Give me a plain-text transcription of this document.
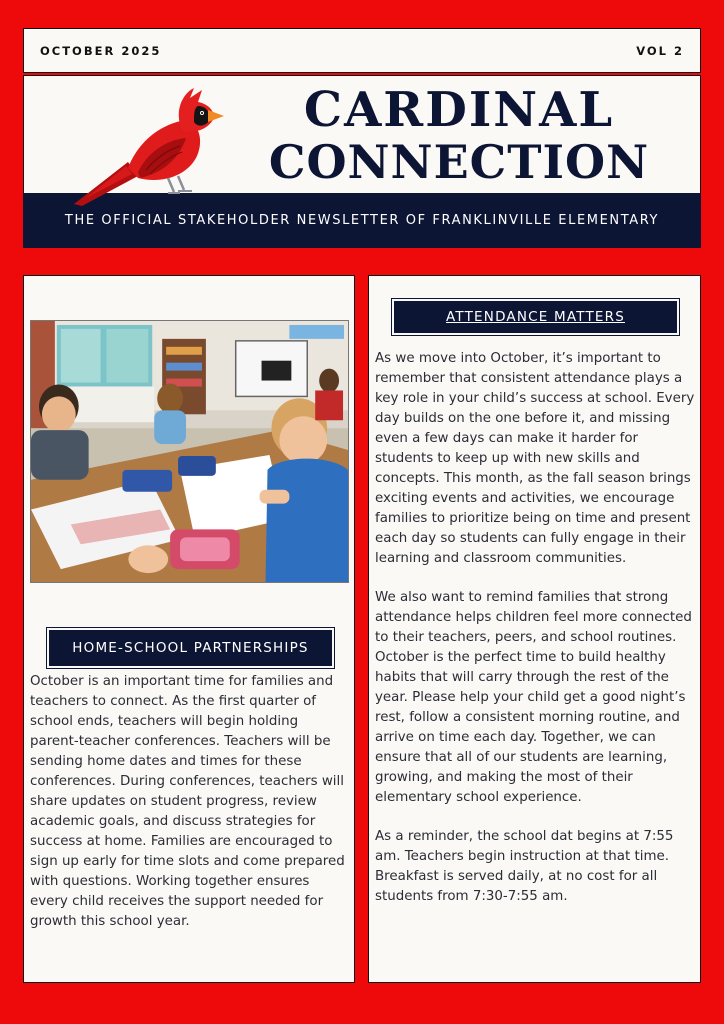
OCTOBER 2025	VOL 2
CARDINAL
CONNECTION
THE OFFICIAL STAKEHOLDER NEWSLETTER OF FRANKLINVILLE ELEMENTARY
HOME-SCHOOL PARTNERSHIPS

October is an important time for families and teachers to connect. As the first quarter of school ends, teachers will begin holding parent-teacher conferences. Teachers will be sending home dates and times for these conferences. During conferences, teachers will share updates on student progress, review academic goals, and discuss strategies for success at home. Families are encouraged to sign up early for time slots and come prepared with questions. Working together ensures every child receives the support needed for growth this school year.

ATTENDANCE MATTERS

As we move into October, it’s important to remember that consistent attendance plays a key role in your child’s success at school. Every day builds on the one before it, and missing even a few days can make it harder for students to keep up with new skills and concepts. This month, as the fall season brings exciting events and activities, we encourage families to prioritize being on time and present each day so students can fully engage in their learning and classroom communities.

We also want to remind families that strong attendance helps children feel more connected to their teachers, peers, and school routines. October is the perfect time to build healthy habits that will carry through the rest of the year. Please help your child get a good night’s rest, follow a consistent morning routine, and arrive on time each day. Together, we can ensure that all of our students are learning, growing, and making the most of their elementary school experience.

As a reminder, the school dat begins at 7:55 am. Teachers begin instruction at that time. Breakfast is served daily, at no cost for all students from 7:30-7:55 am.
